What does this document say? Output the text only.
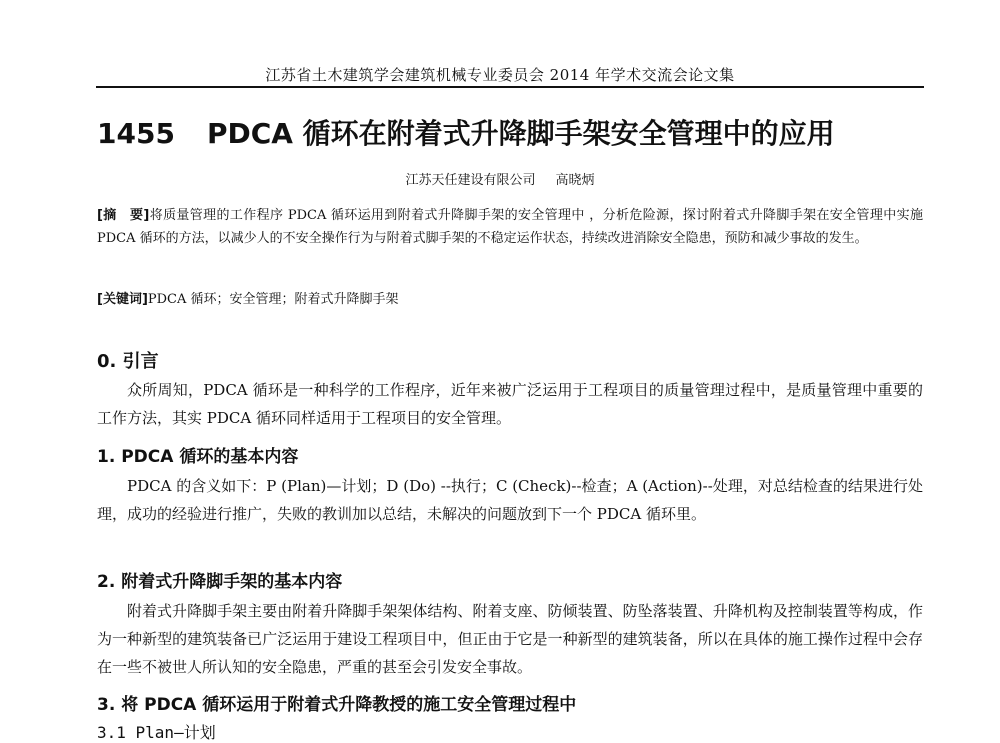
江苏省土木建筑学会建筑机械专业委员会 2014 年学术交流会论文集
1455 PDCA 循环在附着式升降脚手架安全管理中的应用
江苏天任建设有限公司 高晓炳
[摘　要]将质量管理的工作程序 PDCA 循环运用到附着式升降脚手架的安全管理中 ，分析危险源，探讨附着式升降脚手架在安全管理中实施 PDCA 循环的方法，以减少人的不安全操作行为与附着式脚手架的不稳定运作状态，持续改进消除安全隐患，预防和减少事故的发生。
[关键词]PDCA 循环；安全管理；附着式升降脚手架
0. 引言
众所周知，PDCA 循环是一种科学的工作程序，近年来被广泛运用于工程项目的质量管理过程中，是质量管理中重要的工作方法，其实 PDCA 循环同样适用于工程项目的安全管理。
1. PDCA 循环的基本内容
PDCA 的含义如下：P (Plan)—计划；D (Do) --执行；C (Check)--检查；A (Action)--处理，对总结检查的结果进行处理，成功的经验进行推广，失败的教训加以总结，未解决的问题放到下一个 PDCA 循环里。
2. 附着式升降脚手架的基本内容
附着式升降脚手架主要由附着升降脚手架架体结构、附着支座、防倾装置、防坠落装置、升降机构及控制装置等构成，作为一种新型的建筑装备已广泛运用于建设工程项目中，但正由于它是一种新型的建筑装备，所以在具体的施工操作过程中会存在一些不被世人所认知的安全隐患，严重的甚至会引发安全事故。
3. 将 PDCA 循环运用于附着式升降教授的施工安全管理过程中
3.1 Plan—计划
